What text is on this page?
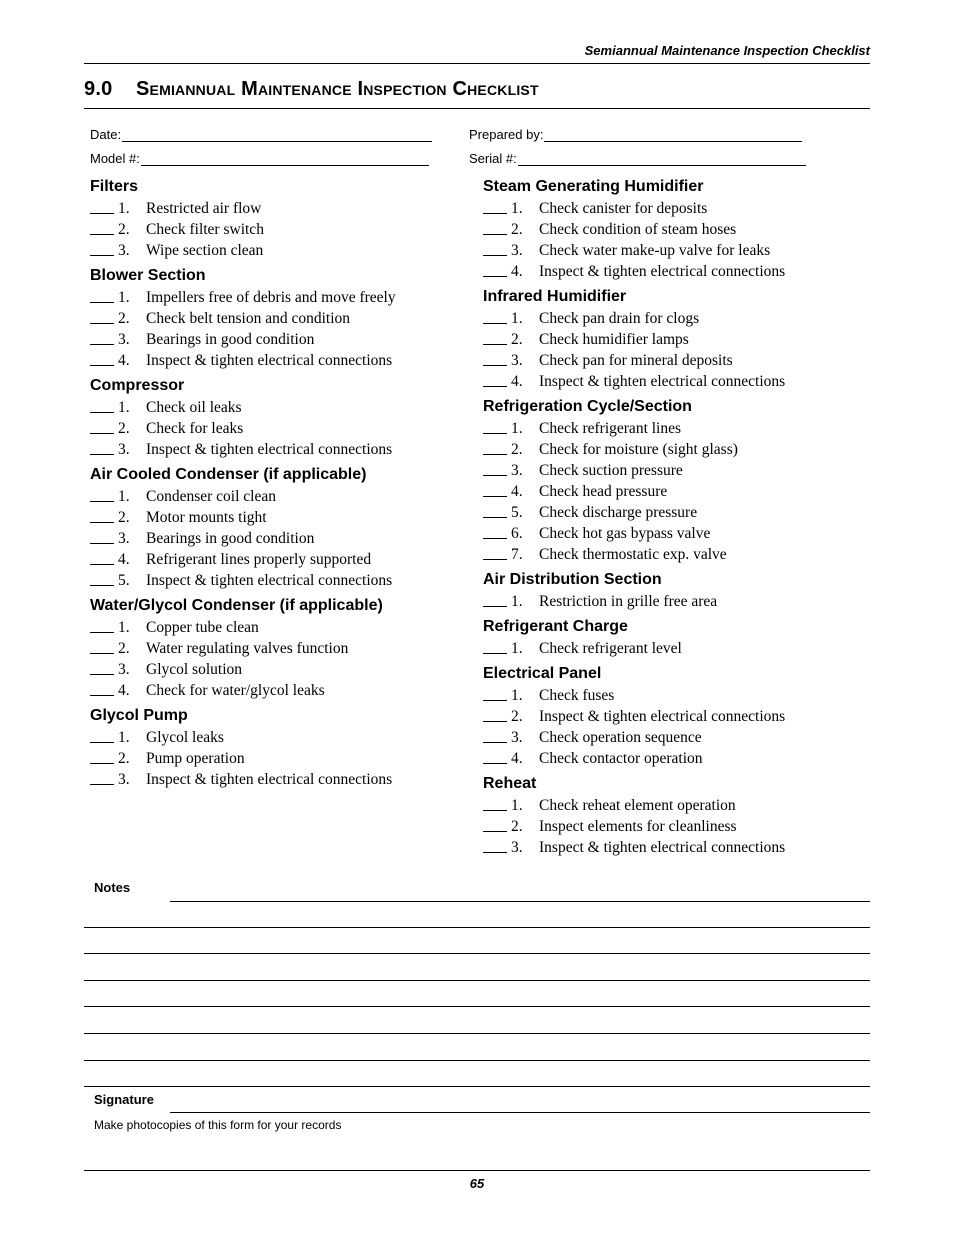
Semiannual Maintenance Inspection Checklist
9.0 Semiannual Maintenance Inspection Checklist
Date:	Prepared by:
Model #:	Serial #:
Filters
1.	Restricted air flow
2.	Check filter switch
3.	Wipe section clean
Blower Section
1.	Impellers free of debris and move freely
2.	Check belt tension and condition
3.	Bearings in good condition
4.	Inspect & tighten electrical connections
Compressor
1.	Check oil leaks
2.	Check for leaks
3.	Inspect & tighten electrical connections
Air Cooled Condenser (if applicable)
1.	Condenser coil clean
2.	Motor mounts tight
3.	Bearings in good condition
4.	Refrigerant lines properly supported
5.	Inspect & tighten electrical connections
Water/Glycol Condenser (if applicable)
1.	Copper tube clean
2.	Water regulating valves function
3.	Glycol solution
4.	Check for water/glycol leaks
Glycol Pump
1.	Glycol leaks
2.	Pump operation
3.	Inspect & tighten electrical connections
Steam Generating Humidifier
1.	Check canister for deposits
2.	Check condition of steam hoses
3.	Check water make-up valve for leaks
4.	Inspect & tighten electrical connections
Infrared Humidifier
1.	Check pan drain for clogs
2.	Check humidifier lamps
3.	Check pan for mineral deposits
4.	Inspect & tighten electrical connections
Refrigeration Cycle/Section
1.	Check refrigerant lines
2.	Check for moisture (sight glass)
3.	Check suction pressure
4.	Check head pressure
5.	Check discharge pressure
6.	Check hot gas bypass valve
7.	Check thermostatic exp. valve
Air Distribution Section
1.	Restriction in grille free area
Refrigerant Charge
1.	Check refrigerant level
Electrical Panel
1.	Check fuses
2.	Inspect & tighten electrical connections
3.	Check operation sequence
4.	Check contactor operation
Reheat
1.	Check reheat element operation
2.	Inspect elements for cleanliness
3.	Inspect & tighten electrical connections
Notes
Signature
Make photocopies of this form for your records
65
